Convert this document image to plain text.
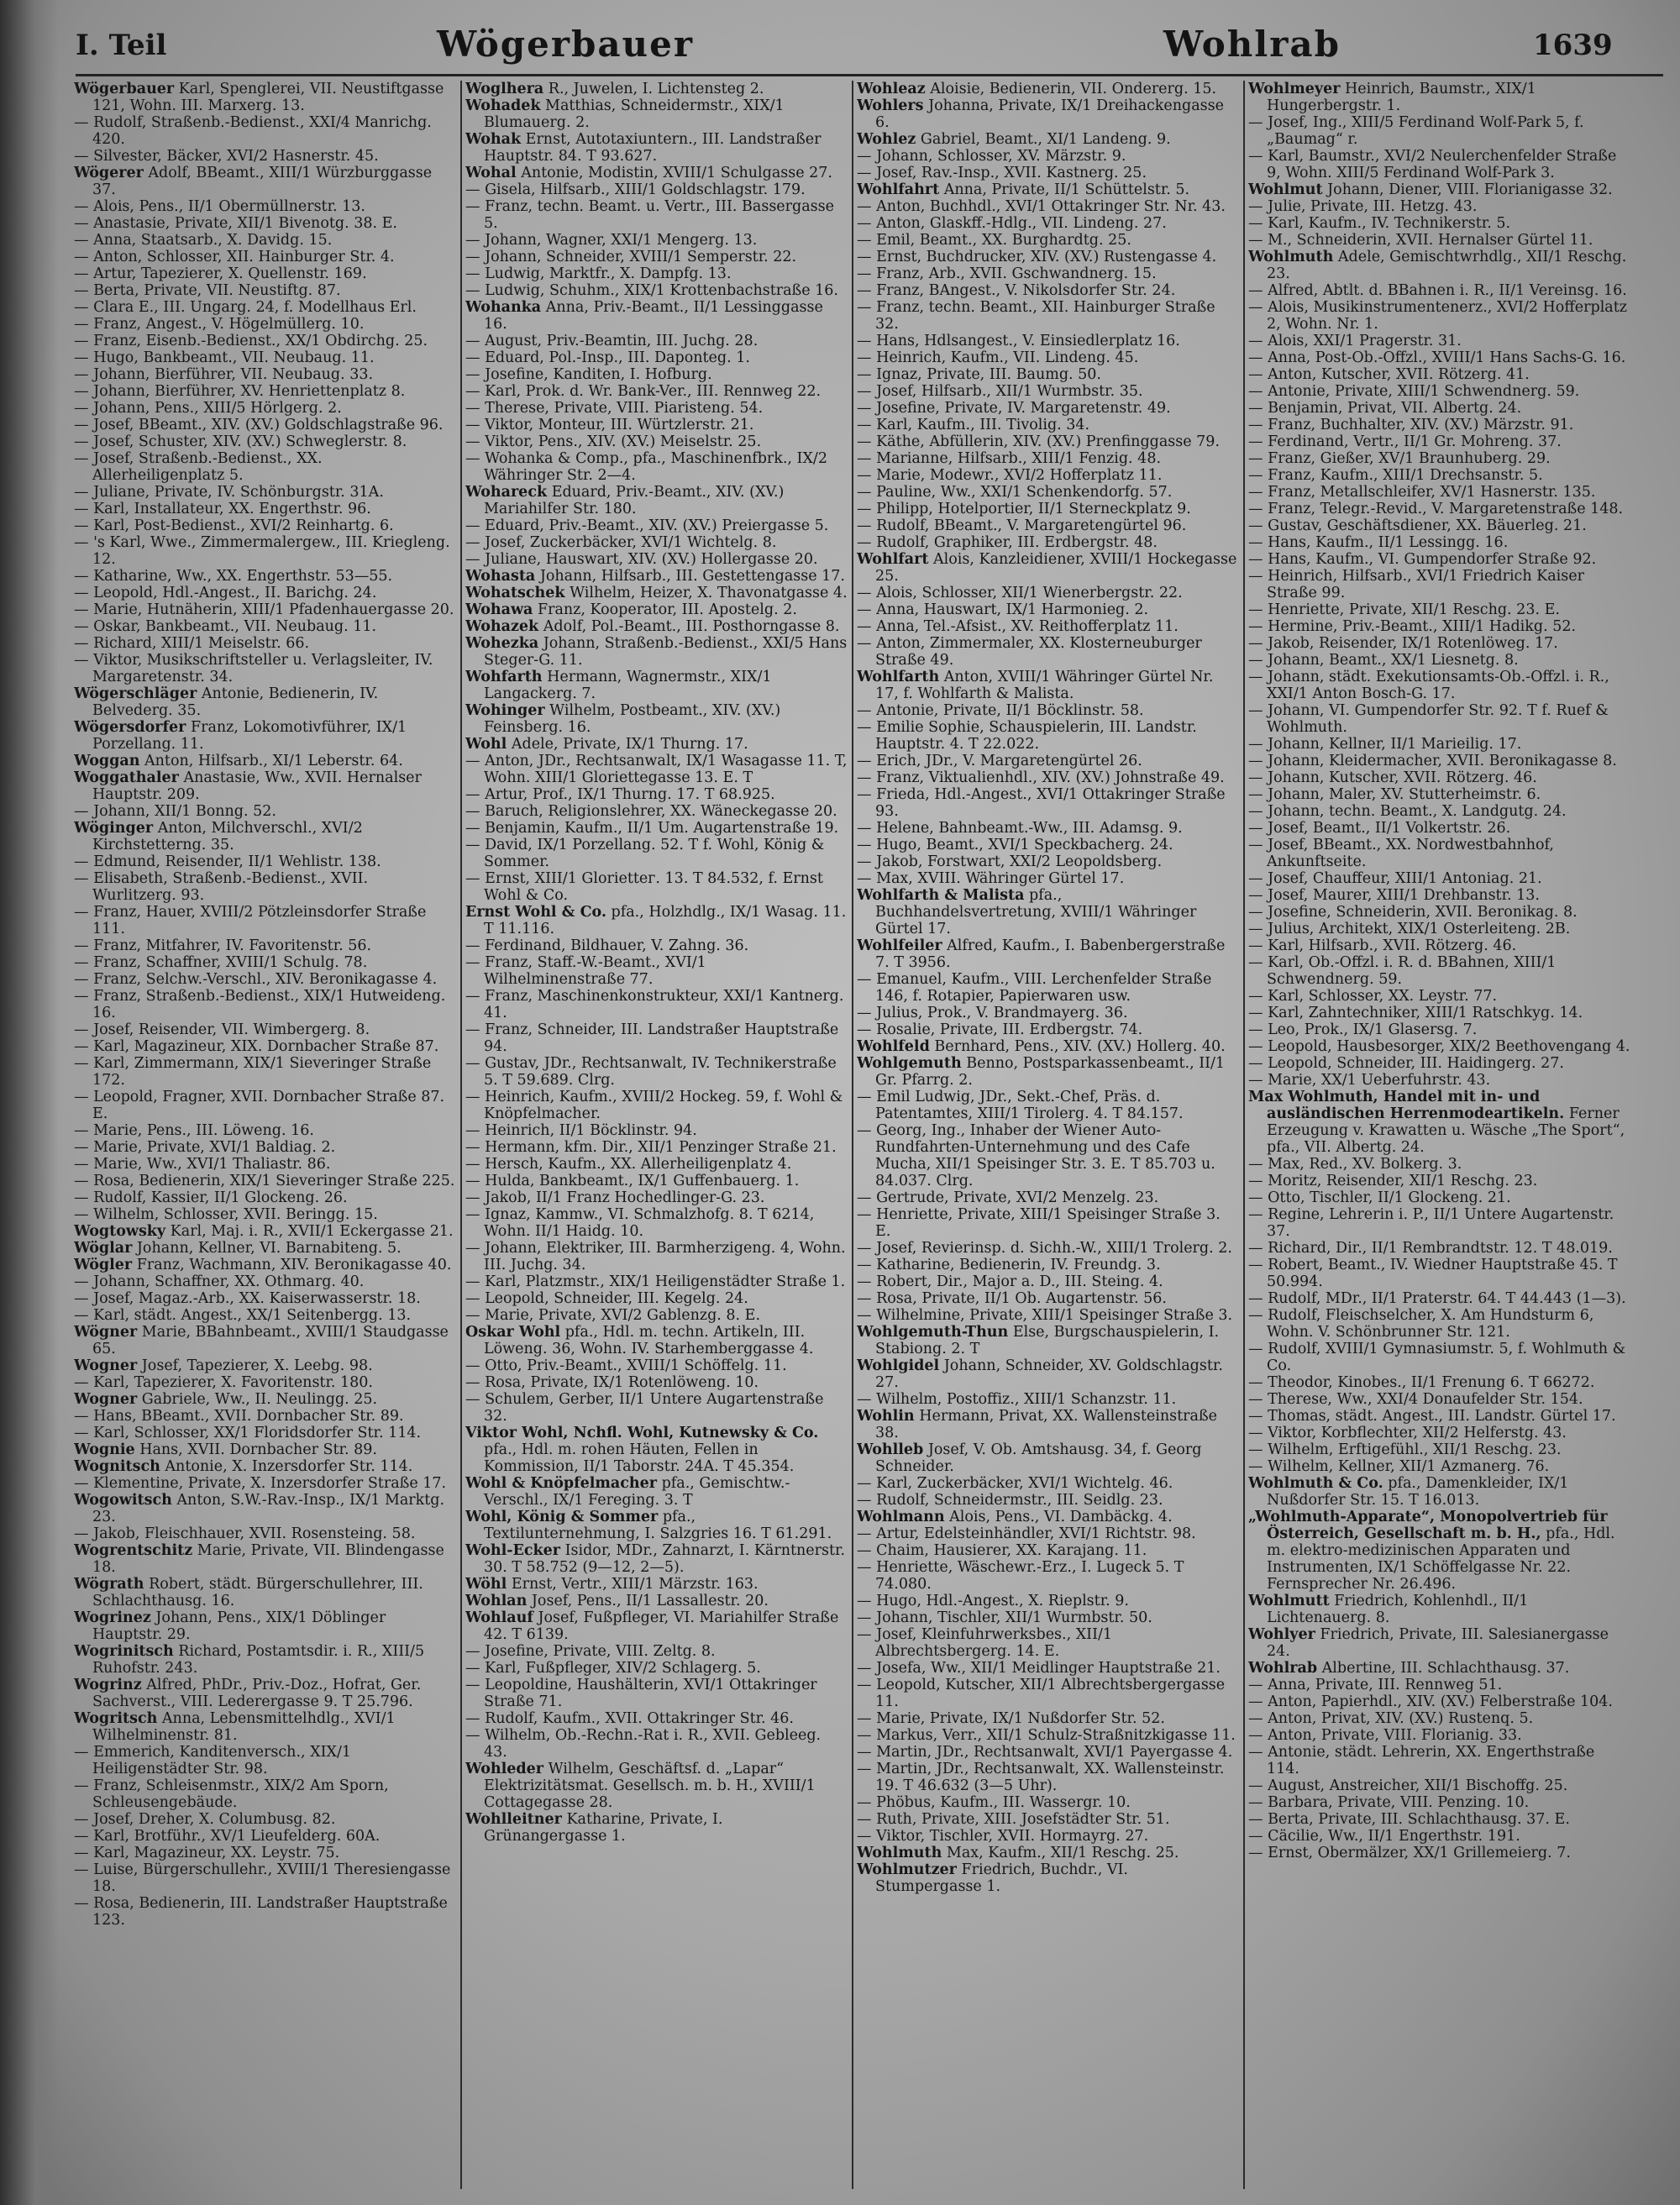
I. Teil	Wögerbauer	Wohlrab	1639

Wögerbauer Karl, Spenglerei, VII. Neustiftgasse 121, Wohn. III. Marxerg. 13.

— Rudolf, Straßenb.-Bedienst., XXI/4 Manrichg. 420.

— Silvester, Bäcker, XVI/2 Hasnerstr. 45.

Wögerer Adolf, BBeamt., XIII/1 Würzburggasse 37.

— Alois, Pens., II/1 Obermüllnerstr. 13.

— Anastasie, Private, XII/1 Bivenotg. 38. E.

— Anna, Staatsarb., X. Davidg. 15.

— Anton, Schlosser, XII. Hainburger Str. 4.

— Artur, Tapezierer, X. Quellenstr. 169.

— Berta, Private, VII. Neustiftg. 87.

— Clara E., III. Ungarg. 24, f. Modellhaus Erl.

— Franz, Angest., V. Högelmüllerg. 10.

— Franz, Eisenb.-Bedienst., XX/1 Obdirchg. 25.

— Hugo, Bankbeamt., VII. Neubaug. 11.

— Johann, Bierführer, VII. Neubaug. 33.

— Johann, Bierführer, XV. Henriettenplatz 8.

— Johann, Pens., XIII/5 Hörlgerg. 2.

— Josef, BBeamt., XIV. (XV.) Goldschlagstraße 96.

— Josef, Schuster, XIV. (XV.) Schweglerstr. 8.

— Josef, Straßenb.-Bedienst., XX. Allerheiligenplatz 5.

— Juliane, Private, IV. Schönburgstr. 31A.

— Karl, Installateur, XX. Engerthstr. 96.

— Karl, Post-Bedienst., XVI/2 Reinhartg. 6.

— 's Karl, Wwe., Zimmermalergew., III. Kriegleng. 12.

— Katharine, Ww., XX. Engerthstr. 53—55.

— Leopold, Hdl.-Angest., II. Barichg. 24.

— Marie, Hutnäherin, XIII/1 Pfadenhauergasse 20.

— Oskar, Bankbeamt., VII. Neubaug. 11.

— Richard, XIII/1 Meiselstr. 66.

— Viktor, Musikschriftsteller u. Verlagsleiter, IV. Margaretenstr. 34.

Wögerschläger Antonie, Bedienerin, IV. Belvederg. 35.

Wögersdorfer Franz, Lokomotivführer, IX/1 Porzellang. 11.

Woggan Anton, Hilfsarb., XI/1 Leberstr. 64.

Woggathaler Anastasie, Ww., XVII. Hernalser Hauptstr. 209.

— Johann, XII/1 Bonng. 52.

Wöginger Anton, Milchverschl., XVI/2 Kirchstetterng. 35.

— Edmund, Reisender, II/1 Wehlistr. 138.

— Elisabeth, Straßenb.-Bedienst., XVII. Wurlitzerg. 93.

— Franz, Hauer, XVIII/2 Pötzleinsdorfer Straße 111.

— Franz, Mitfahrer, IV. Favoritenstr. 56.

— Franz, Schaffner, XVIII/1 Schulg. 78.

— Franz, Selchw.-Verschl., XIV. Beronikagasse 4.

— Franz, Straßenb.-Bedienst., XIX/1 Hutweideng. 16.

— Josef, Reisender, VII. Wimbergerg. 8.

— Karl, Magazineur, XIX. Dornbacher Straße 87.

— Karl, Zimmermann, XIX/1 Sieveringer Straße 172.

— Leopold, Fragner, XVII. Dornbacher Straße 87. E.

— Marie, Pens., III. Löweng. 16.

— Marie, Private, XVI/1 Baldiag. 2.

— Marie, Ww., XVI/1 Thaliastr. 86.

— Rosa, Bedienerin, XIX/1 Sieveringer Straße 225.

— Rudolf, Kassier, II/1 Glockeng. 26.

— Wilhelm, Schlosser, XVII. Beringg. 15.

Wogtowsky Karl, Maj. i. R., XVII/1 Eckergasse 21.

Wöglar Johann, Kellner, VI. Barnabiteng. 5.

Wögler Franz, Wachmann, XIV. Beronikagasse 40.

— Johann, Schaffner, XX. Othmarg. 40.

— Josef, Magaz.-Arb., XX. Kaiserwasserstr. 18.

— Karl, städt. Angest., XX/1 Seitenbergg. 13.

Wögner Marie, BBahnbeamt., XVIII/1 Staudgasse 65.

Wogner Josef, Tapezierer, X. Leebg. 98.

— Karl, Tapezierer, X. Favoritenstr. 180.

Wogner Gabriele, Ww., II. Neulingg. 25.

— Hans, BBeamt., XVII. Dornbacher Str. 89.

— Karl, Schlosser, XX/1 Floridsdorfer Str. 114.

Wognie Hans, XVII. Dornbacher Str. 89.

Wognitsch Antonie, X. Inzersdorfer Str. 114.

— Klementine, Private, X. Inzersdorfer Straße 17.

Wogowitsch Anton, S.W.-Rav.-Insp., IX/1 Marktg. 23.

— Jakob, Fleischhauer, XVII. Rosensteing. 58.

Wogrentschitz Marie, Private, VII. Blindengasse 18.

Wögrath Robert, städt. Bürgerschullehrer, III. Schlachthausg. 16.

Wogrinez Johann, Pens., XIX/1 Döblinger Hauptstr. 29.

Wogrinitsch Richard, Postamtsdir. i. R., XIII/5 Ruhofstr. 243.

Wogrinz Alfred, PhDr., Priv.-Doz., Hofrat, Ger. Sachverst., VIII. Lederergasse 9. T 25.796.

Wogritsch Anna, Lebensmittelhdlg., XVI/1 Wilhelminenstr. 81.

— Emmerich, Kanditenversch., XIX/1 Heiligenstädter Str. 98.

— Franz, Schleisenmstr., XIX/2 Am Sporn, Schleusengebäude.

— Josef, Dreher, X. Columbusg. 82.

— Karl, Brotführ., XV/1 Lieufelderg. 60A.

— Karl, Magazineur, XX. Leystr. 75.

— Luise, Bürgerschullehr., XVIII/1 Theresiengasse 18.

— Rosa, Bedienerin, III. Landstraßer Hauptstraße 123.

Woglhera R., Juwelen, I. Lichtensteg 2.

Wohadek Matthias, Schneidermstr., XIX/1 Blumauerg. 2.

Wohak Ernst, Autotaxiuntern., III. Landstraßer Hauptstr. 84. T 93.627.

Wohal Antonie, Modistin, XVIII/1 Schulgasse 27.

— Gisela, Hilfsarb., XIII/1 Goldschlagstr. 179.

— Franz, techn. Beamt. u. Vertr., III. Bassergasse 5.

— Johann, Wagner, XXI/1 Mengerg. 13.

— Johann, Schneider, XVIII/1 Semperstr. 22.

— Ludwig, Marktfr., X. Dampfg. 13.

— Ludwig, Schuhm., XIX/1 Krottenbachstraße 16.

Wohanka Anna, Priv.-Beamt., II/1 Lessinggasse 16.

— August, Priv.-Beamtin, III. Juchg. 28.

— Eduard, Pol.-Insp., III. Daponteg. 1.

— Josefine, Kanditen, I. Hofburg.

— Karl, Prok. d. Wr. Bank-Ver., III. Rennweg 22.

— Therese, Private, VIII. Piaristeng. 54.

— Viktor, Monteur, III. Würtzlerstr. 21.

— Viktor, Pens., XIV. (XV.) Meiselstr. 25.

— Wohanka & Comp., pfa., Maschinenfbrk., IX/2 Währinger Str. 2—4.

Wohareck Eduard, Priv.-Beamt., XIV. (XV.) Mariahilfer Str. 180.

— Eduard, Priv.-Beamt., XIV. (XV.) Preiergasse 5.

— Josef, Zuckerbäcker, XVI/1 Wichtelg. 8.

— Juliane, Hauswart, XIV. (XV.) Hollergasse 20.

Wohasta Johann, Hilfsarb., III. Gestettengasse 17.

Wohatschek Wilhelm, Heizer, X. Thavonatgasse 4.

Wohawa Franz, Kooperator, III. Apostelg. 2.

Wohazek Adolf, Pol.-Beamt., III. Posthorngasse 8.

Wohezka Johann, Straßenb.-Bedienst., XXI/5 Hans Steger-G. 11.

Wohfarth Hermann, Wagnermstr., XIX/1 Langackerg. 7.

Wohinger Wilhelm, Postbeamt., XIV. (XV.) Feinsberg. 16.

Wohl Adele, Private, IX/1 Thurng. 17.

— Anton, JDr., Rechtsanwalt, IX/1 Wasagasse 11. T, Wohn. XIII/1 Gloriettegasse 13. E. T

— Artur, Prof., IX/1 Thurng. 17. T 68.925.

— Baruch, Religionslehrer, XX. Wäneckegasse 20.

— Benjamin, Kaufm., II/1 Um. Augartenstraße 19.

— David, IX/1 Porzellang. 52. T f. Wohl, König & Sommer.

— Ernst, XIII/1 Gloriettег. 13. T 84.532, f. Ernst Wohl & Co.

Ernst Wohl & Co. pfa., Holzhdlg., IX/1 Wasag. 11. T 11.116.

— Ferdinand, Bildhauer, V. Zahng. 36.

— Franz, Staff.-W.-Beamt., XVI/1 Wilhelminenstraße 77.

— Franz, Maschinenkonstrukteur, XXI/1 Kantnerg. 41.

— Franz, Schneider, III. Landstraßer Hauptstraße 94.

— Gustav, JDr., Rechtsanwalt, IV. Technikerstraße 5. T 59.689. Clrg.

— Heinrich, Kaufm., XVIII/2 Hockeg. 59, f. Wohl & Knöpfelmacher.

— Heinrich, II/1 Böcklinstr. 94.

— Hermann, kfm. Dir., XII/1 Penzinger Straße 21.

— Hersch, Kaufm., XX. Allerheiligenplatz 4.

— Hulda, Bankbeamt., IX/1 Guffenbauerg. 1.

— Jakob, II/1 Franz Hochedlinger-G. 23.

— Ignaz, Kammw., VI. Schmalzhofg. 8. T 6214, Wohn. II/1 Haidg. 10.

— Johann, Elektriker, III. Barmherzigeng. 4, Wohn. III. Juchg. 34.

— Karl, Platzmstr., XIX/1 Heiligenstädter Straße 1.

— Leopold, Schneider, III. Kegelg. 24.

— Marie, Private, XVI/2 Gablenzg. 8. E.

Oskar Wohl pfa., Hdl. m. techn. Artikeln, III. Löweng. 36, Wohn. IV. Starhemberggasse 4.

— Otto, Priv.-Beamt., XVIII/1 Schöffelg. 11.

— Rosa, Private, IX/1 Rotenlöweng. 10.

— Schulem, Gerber, II/1 Untere Augartenstraße 32.

Viktor Wohl, Nchfl. Wohl, Kutnewsky & Co. pfa., Hdl. m. rohen Häuten, Fellen in Kommission, II/1 Taborstr. 24A. T 45.354.

Wohl & Knöpfelmacher pfa., Gemischtw.-Verschl., IX/1 Fereging. 3. T

Wohl, König & Sommer pfa., Textilunternehmung, I. Salzgries 16. T 61.291.

Wohl-Ecker Isidor, MDr., Zahnarzt, I. Kärntnerstr. 30. T 58.752 (9—12, 2—5).

Wöhl Ernst, Vertr., XIII/1 Märzstr. 163.

Wohlan Josef, Pens., II/1 Lassallestr. 20.

Wohlauf Josef, Fußpfleger, VI. Mariahilfer Straße 42. T 6139.

— Josefine, Private, VIII. Zeltg. 8.

— Karl, Fußpfleger, XIV/2 Schlagerg. 5.

— Leopoldine, Haushälterin, XVI/1 Ottakringer Straße 71.

— Rudolf, Kaufm., XVII. Ottakringer Str. 46.

— Wilhelm, Ob.-Rechn.-Rat i. R., XVII. Gebleeg. 43.

Wohleder Wilhelm, Geschäftsf. d. „Lapar“ Elektrizitätsmat. Gesellsch. m. b. H., XVIII/1 Cottagegasse 28.

Wohlleitner Katharine, Private, I. Grünangergasse 1.

Wohleaz Aloisie, Bedienerin, VII. Ondererg. 15.

Wohlers Johanna, Private, IX/1 Dreihackengasse 6.

Wohlez Gabriel, Beamt., XI/1 Landeng. 9.

— Johann, Schlosser, XV. Märzstr. 9.

— Josef, Rav.-Insp., XVII. Kastnerg. 25.

Wohlfahrt Anna, Private, II/1 Schüttelstr. 5.

— Anton, Buchhdl., XVI/1 Ottakringer Str. Nr. 43.

— Anton, Glaskff.-Hdlg., VII. Lindeng. 27.

— Emil, Beamt., XX. Burghardtg. 25.

— Ernst, Buchdrucker, XIV. (XV.) Rustengasse 4.

— Franz, Arb., XVII. Gschwandnerg. 15.

— Franz, BAngest., V. Nikolsdorfer Str. 24.

— Franz, techn. Beamt., XII. Hainburger Straße 32.

— Hans, Hdlsangest., V. Einsiedlerplatz 16.

— Heinrich, Kaufm., VII. Lindeng. 45.

— Ignaz, Private, III. Baumg. 50.

— Josef, Hilfsarb., XII/1 Wurmbstr. 35.

— Josefine, Private, IV. Margaretenstr. 49.

— Karl, Kaufm., III. Tivolig. 34.

— Käthe, Abfüllerin, XIV. (XV.) Prenfinggasse 79.

— Marianne, Hilfsarb., XIII/1 Fenzig. 48.

— Marie, Modewr., XVI/2 Hofferplatz 11.

— Pauline, Ww., XXI/1 Schenkendorfg. 57.

— Philipp, Hotelportier, II/1 Sterneckplatz 9.

— Rudolf, BBeamt., V. Margaretengürtel 96.

— Rudolf, Graphiker, III. Erdbergstr. 48.

Wohlfart Alois, Kanzleidiener, XVIII/1 Hockegasse 25.

— Alois, Schlosser, XII/1 Wienerbergstr. 22.

— Anna, Hauswart, IX/1 Harmonieg. 2.

— Anna, Tel.-Afsist., XV. Reithofferplatz 11.

— Anton, Zimmermaler, XX. Klosterneuburger Straße 49.

Wohlfarth Anton, XVIII/1 Währinger Gürtel Nr. 17, f. Wohlfarth & Malista.

— Antonie, Private, II/1 Böcklinstr. 58.

— Emilie Sophie, Schauspielerin, III. Landstr. Hauptstr. 4. T 22.022.

— Erich, JDr., V. Margaretengürtel 26.

— Franz, Viktualienhdl., XIV. (XV.) Johnstraße 49.

— Frieda, Hdl.-Angest., XVI/1 Ottakringer Straße 93.

— Helene, Bahnbeamt.-Ww., III. Adamsg. 9.

— Hugo, Beamt., XVI/1 Speckbacherg. 24.

— Jakob, Forstwart, XXI/2 Leopoldsberg.

— Max, XVIII. Währinger Gürtel 17.

Wohlfarth & Malista pfa., Buchhandelsvertretung, XVIII/1 Währinger Gürtel 17.

Wohlfeiler Alfred, Kaufm., I. Babenbergerstraße 7. T 3956.

— Emanuel, Kaufm., VIII. Lerchenfelder Straße 146, f. Rotapier, Papierwaren usw.

— Julius, Prok., V. Brandmayerg. 36.

— Rosalie, Private, III. Erdbergstr. 74.

Wohlfeld Bernhard, Pens., XIV. (XV.) Hollerg. 40.

Wohlgemuth Benno, Postsparkassenbeamt., II/1 Gr. Pfarrg. 2.

— Emil Ludwig, JDr., Sekt.-Chef, Präs. d. Patentamtes, XIII/1 Tirolerg. 4. T 84.157.

— Georg, Ing., Inhaber der Wiener Auto-Rundfahrten-Unternehmung und des Cafe Mucha, XII/1 Speisinger Str. 3. E. T 85.703 u. 84.037. Clrg.

— Gertrude, Private, XVI/2 Menzelg. 23.

— Henriette, Private, XIII/1 Speisinger Straße 3. E.

— Josef, Revierinsp. d. Sichh.-W., XIII/1 Trolerg. 2.

— Katharine, Bedienerin, IV. Freundg. 3.

— Robert, Dir., Major a. D., III. Steing. 4.

— Rosa, Private, II/1 Ob. Augartenstr. 56.

— Wilhelmine, Private, XIII/1 Speisinger Straße 3.

Wohlgemuth-Thun Else, Burgschauspielerin, I. Stabiong. 2. T

Wohlgidel Johann, Schneider, XV. Goldschlagstr. 27.

— Wilhelm, Postoffiz., XIII/1 Schanzstr. 11.

Wohlin Hermann, Privat, XX. Wallensteinstraße 38.

Wohlleb Josef, V. Ob. Amtshausg. 34, f. Georg Schneider.

— Karl, Zuckerbäcker, XVI/1 Wichtelg. 46.

— Rudolf, Schneidermstr., III. Seidlg. 23.

Wohlmann Alois, Pens., VI. Dambäckg. 4.

— Artur, Edelsteinhändler, XVI/1 Richtstr. 98.

— Chaim, Hausierer, XX. Karajang. 11.

— Henriette, Wäschewr.-Erz., I. Lugeck 5. T 74.080.

— Hugo, Hdl.-Angest., X. Rieplstr. 9.

— Johann, Tischler, XII/1 Wurmbstr. 50.

— Josef, Kleinfuhrwerksbes., XII/1 Albrechtsbergerg. 14. E.

— Josefa, Ww., XII/1 Meidlinger Hauptstraße 21.

— Leopold, Kutscher, XII/1 Albrechtsbergergasse 11.

— Marie, Private, IX/1 Nußdorfer Str. 52.

— Markus, Verr., XII/1 Schulz-Straßnitzkigasse 11.

— Martin, JDr., Rechtsanwalt, XVI/1 Payergasse 4.

— Martin, JDr., Rechtsanwalt, XX. Wallensteinstr. 19. T 46.632 (3—5 Uhr).

— Phöbus, Kaufm., III. Wassergr. 10.

— Ruth, Private, XIII. Josefstädter Str. 51.

— Viktor, Tischler, XVII. Hormayrg. 27.

Wohlmuth Max, Kaufm., XII/1 Reschg. 25.

Wohlmutzer Friedrich, Buchdr., VI. Stumpergasse 1.

Wohlmeyer Heinrich, Baumstr., XIX/1 Hungerbergstr. 1.

— Josef, Ing., XIII/5 Ferdinand Wolf-Park 5, f. „Baumag“ r.

— Karl, Baumstr., XVI/2 Neulerchenfelder Straße 9, Wohn. XIII/5 Ferdinand Wolf-Park 3.

Wohlmut Johann, Diener, VIII. Florianigasse 32.

— Julie, Private, III. Hetzg. 43.

— Karl, Kaufm., IV. Technikerstr. 5.

— M., Schneiderin, XVII. Hernalser Gürtel 11.

Wohlmuth Adele, Gemischtwrhdlg., XII/1 Reschg. 23.

— Alfred, Abtlt. d. BBahnen i. R., II/1 Vereinsg. 16.

— Alois, Musikinstrumentenerz., XVI/2 Hofferplatz 2, Wohn. Nr. 1.

— Alois, XXI/1 Pragerstr. 31.

— Anna, Post-Ob.-Offzl., XVIII/1 Hans Sachs-G. 16.

— Anton, Kutscher, XVII. Rötzerg. 41.

— Antonie, Private, XIII/1 Schwendnerg. 59.

— Benjamin, Privat, VII. Albertg. 24.

— Franz, Buchhalter, XIV. (XV.) Märzstr. 91.

— Ferdinand, Vertr., II/1 Gr. Mohreng. 37.

— Franz, Gießer, XV/1 Braunhuberg. 29.

— Franz, Kaufm., XIII/1 Drechsanstr. 5.

— Franz, Metallschleifer, XV/1 Hasnerstr. 135.

— Franz, Telegr.-Revid., V. Margaretenstraße 148.

— Gustav, Geschäftsdiener, XX. Bäuerleg. 21.

— Hans, Kaufm., II/1 Lessingg. 16.

— Hans, Kaufm., VI. Gumpendorfer Straße 92.

— Heinrich, Hilfsarb., XVI/1 Friedrich Kaiser Straße 99.

— Henriette, Private, XII/1 Reschg. 23. E.

— Hermine, Priv.-Beamt., XIII/1 Hadikg. 52.

— Jakob, Reisender, IX/1 Rotenlöweg. 17.

— Johann, Beamt., XX/1 Liesnetg. 8.

— Johann, städt. Exekutionsamts-Ob.-Offzl. i. R., XXI/1 Anton Bosch-G. 17.

— Johann, VI. Gumpendorfer Str. 92. T f. Ruef & Wohlmuth.

— Johann, Kellner, II/1 Marieilig. 17.

— Johann, Kleidermacher, XVII. Beronikagasse 8.

— Johann, Kutscher, XVII. Rötzerg. 46.

— Johann, Maler, XV. Stutterheimstr. 6.

— Johann, techn. Beamt., X. Landgutg. 24.

— Josef, Beamt., II/1 Volkertstr. 26.

— Josef, BBeamt., XX. Nordwestbahnhof, Ankunftseite.

— Josef, Chauffeur, XIII/1 Antoniag. 21.

— Josef, Maurer, XIII/1 Drehbanstr. 13.

— Josefine, Schneiderin, XVII. Beronikag. 8.

— Julius, Architekt, XIX/1 Osterleiteng. 2B.

— Karl, Hilfsarb., XVII. Rötzerg. 46.

— Karl, Ob.-Offzl. i. R. d. BBahnen, XIII/1 Schwendnerg. 59.

— Karl, Schlosser, XX. Leystr. 77.

— Karl, Zahntechniker, XIII/1 Ratschkyg. 14.

— Leo, Prok., IX/1 Glasersg. 7.

— Leopold, Hausbesorger, XIX/2 Beethovengang 4.

— Leopold, Schneider, III. Haidingerg. 27.

— Marie, XX/1 Ueberfuhrstr. 43.

Max Wohlmuth, Handel mit in- und ausländischen Herrenmodeartikeln. Ferner Erzeugung v. Krawatten u. Wäsche „The Sport“, pfa., VII. Albertg. 24.

— Max, Red., XV. Bolkerg. 3.

— Moritz, Reisender, XII/1 Reschg. 23.

— Otto, Tischler, II/1 Glockeng. 21.

— Regine, Lehrerin i. P., II/1 Untere Augartenstr. 37.

— Richard, Dir., II/1 Rembrandtstr. 12. T 48.019.

— Robert, Beamt., IV. Wiedner Hauptstraße 45. T 50.994.

— Rudolf, MDr., II/1 Praterstr. 64. T 44.443 (1—3).

— Rudolf, Fleischselcher, X. Am Hundsturm 6, Wohn. V. Schönbrunner Str. 121.

— Rudolf, XVIII/1 Gymnasiumstr. 5, f. Wohlmuth & Co.

— Theodor, Kinobes., II/1 Frenung 6. T 66272.

— Therese, Ww., XXI/4 Donaufelder Str. 154.

— Thomas, städt. Angest., III. Landstr. Gürtel 17.

— Viktor, Korbflechter, XII/2 Helferstg. 43.

— Wilhelm, Erftigefühl., XII/1 Reschg. 23.

— Wilhelm, Kellner, XII/1 Azmanerg. 76.

Wohlmuth & Co. pfa., Damenkleider, IX/1 Nußdorfer Str. 15. T 16.013.

„Wohlmuth-Apparate“, Monopolvertrieb für Österreich, Gesellschaft m. b. H., pfa., Hdl. m. elektro-medizinischen Apparaten und Instrumenten, IX/1 Schöffelgasse Nr. 22. Fernsprecher Nr. 26.496.

Wohlmutt Friedrich, Kohlenhdl., II/1 Lichtenauerg. 8.

Wohlyer Friedrich, Private, III. Salesianergasse 24.

Wohlrab Albertine, III. Schlachthausg. 37.

— Anna, Private, III. Rennweg 51.

— Anton, Papierhdl., XIV. (XV.) Felberstraße 104.

— Anton, Privat, XIV. (XV.) Rustenq. 5.

— Anton, Private, VIII. Florianig. 33.

— Antonie, städt. Lehrerin, XX. Engerthstraße 114.

— August, Anstreicher, XII/1 Bischoffg. 25.

— Barbara, Private, VIII. Penzing. 10.

— Berta, Private, III. Schlachthausg. 37. E.

— Cäcilie, Ww., II/1 Engerthstr. 191.

— Ernst, Obermälzer, XX/1 Grillemeierg. 7.
